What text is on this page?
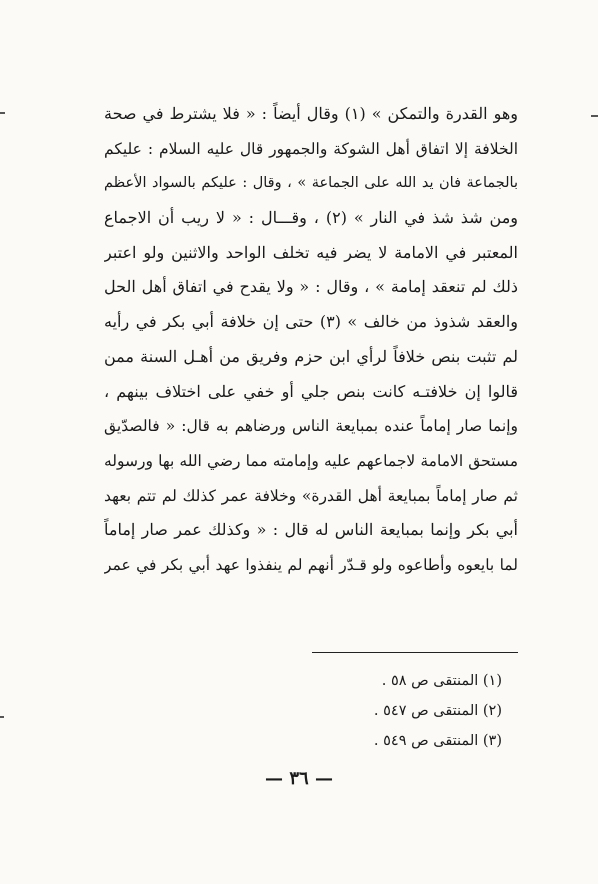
وهو القدرة والتمكن » (١) وقال أيضاً : « فلا يشترط في صحة
الخلافة إلا اتفاق أهل الشوكة والجمهور قال عليه السلام : عليكم
بالجماعة فان يد الله على الجماعة » ، وقال : عليكم بالسواد الأعظم
ومن شذ شذ في النار » (٢) ، وقـــال : « لا ريب أن الاجماع
المعتبر في الامامة لا يضر فيه تخلف الواحد والاثنين ولو اعتبر
ذلك لم تنعقد إمامة » ، وقال : « ولا يقدح في اتفاق أهل الحل
والعقد شذوذ من خالف » (٣) حتى إن خلافة أبي بكر في رأيه
لم تثبت بنص خلافاً لرأي ابن حزم وفريق من أهـل السنة ممن
قالوا إن خلافتـه كانت بنص جلي أو خفي على اختلاف بينهم ،
وإنما صار إماماً عنده بمبايعة الناس ورضاهم به قال: « فالصدّيق
مستحق الامامة لاجماعهم عليه وإمامته مما رضي الله بها ورسوله
ثم صار إماماً بمبايعة أهل القدرة» وخلافة عمر كذلك لم تتم بعهد
أبي بكر وإنما بمبايعة الناس له قال : « وكذلك عمر صار إماماً
لما بايعوه وأطاعوه ولو قـدّر أنهم لم ينفذوا عهد أبي بكر في عمر
(١) المنتقى ص ٥٨ .
(٢) المنتقى ص ٥٤٧ .
(٣) المنتقى ص ٥٤٩ .
— ٣٦ —
